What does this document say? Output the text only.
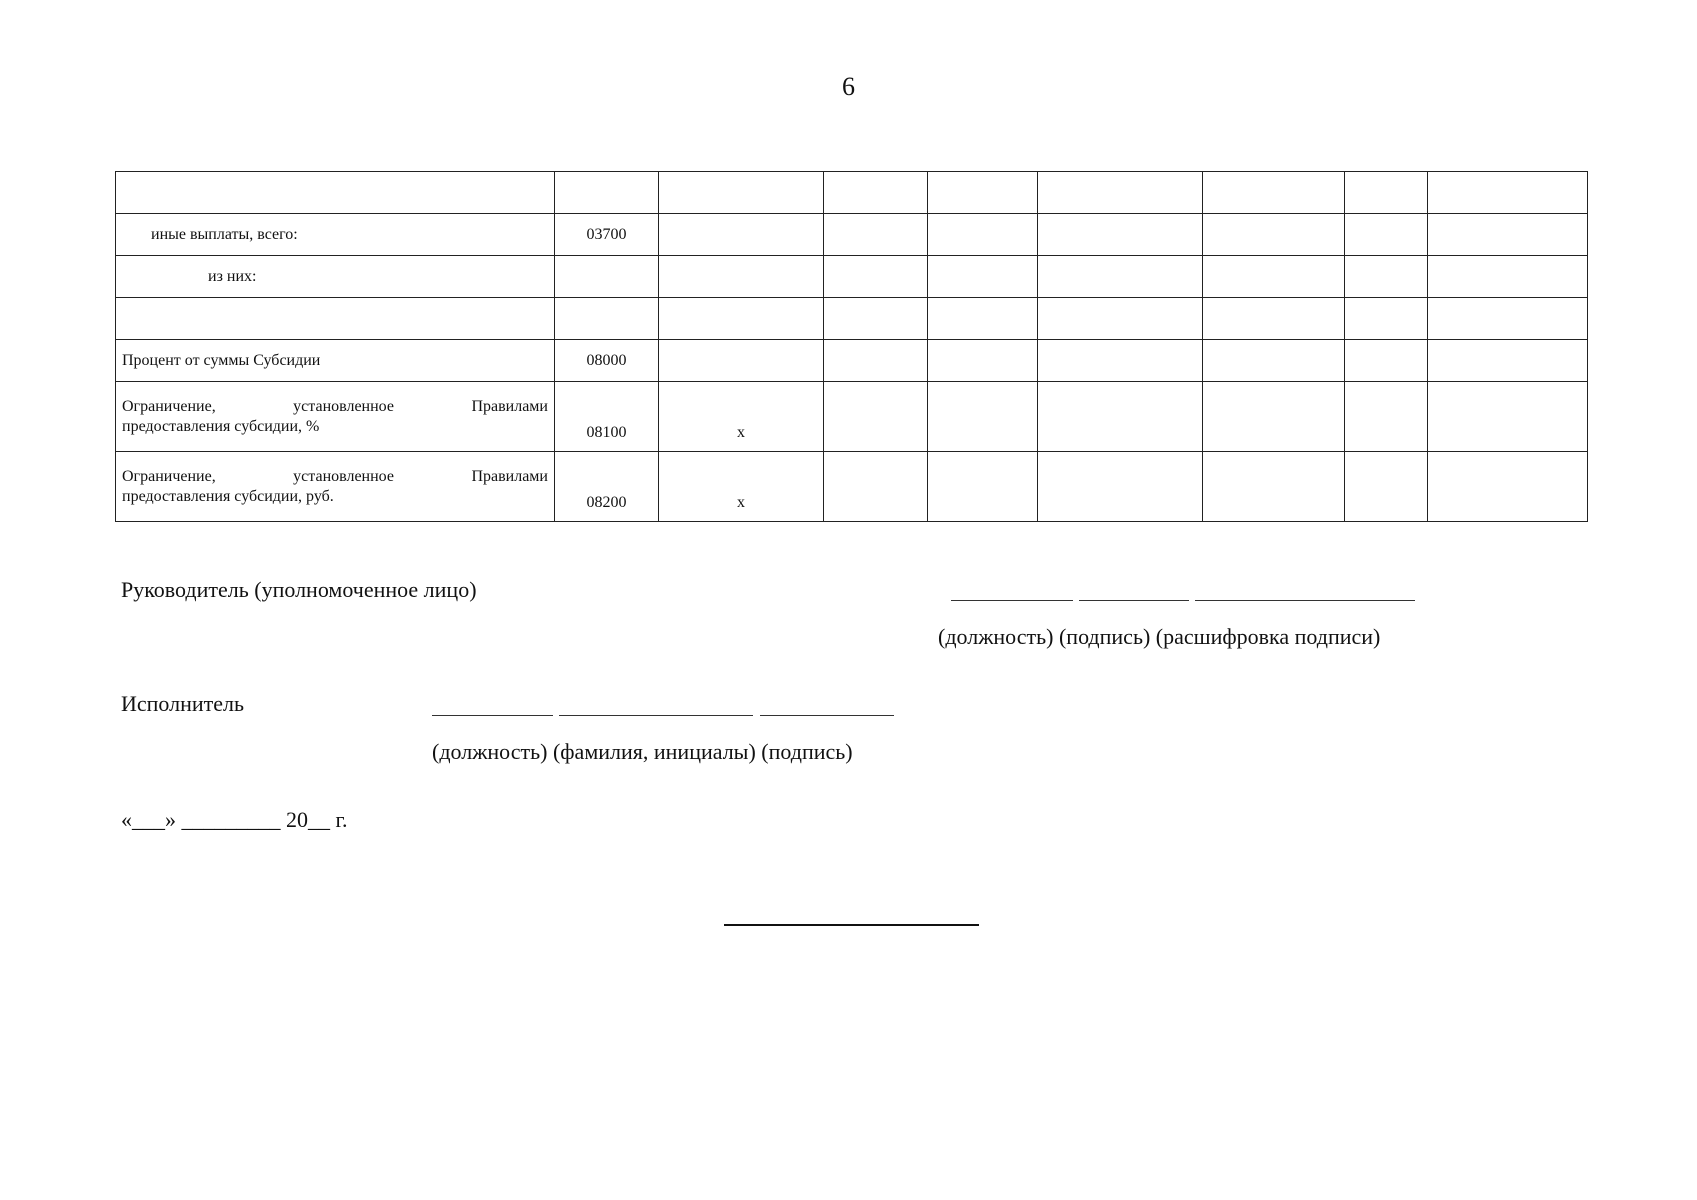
6

иные выплаты, всего:	03700							
из них:								

Процент от суммы Субсидии	08000							

Ограничение, установленное Правилами
предоставления субсидии, %	08100	x						

Ограничение, установленное Правилами
предоставления субсидии, руб.	08200	x						
Руководитель (уполномоченное лицо)
(должность) (подпись) (расшифровка подписи)
Исполнитель
(должность) (фамилия, инициалы) (подпись)
«___» _________ 20__ г.
